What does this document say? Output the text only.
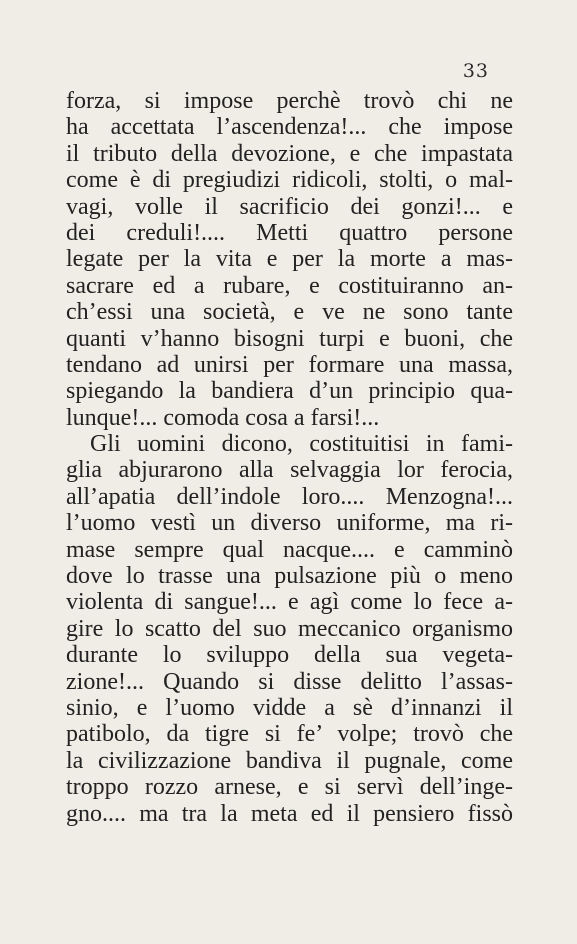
33
forza, si impose perchè trovò chi ne
ha accettata l’ascendenza!... che impose
il tributo della devozione, e che impastata
come è di pregiudizi ridicoli, stolti, o mal-
vagi, volle il sacrificio dei gonzi!... e
dei creduli!.... Metti quattro persone
legate per la vita e per la morte a mas-
sacrare ed a rubare, e costituiranno an-
ch’essi una società, e ve ne sono tante
quanti v’hanno bisogni turpi e buoni, che
tendano ad unirsi per formare una massa,
spiegando la bandiera d’un principio qua-
lunque!... comoda cosa a farsi!...
Gli uomini dicono, costituitisi in fami-
glia abjurarono alla selvaggia lor ferocia,
all’apatia dell’indole loro.... Menzogna!...
l’uomo vestì un diverso uniforme, ma ri-
mase sempre qual nacque.... e camminò
dove lo trasse una pulsazione più o meno
violenta di sangue!... e agì come lo fece a-
gire lo scatto del suo meccanico organismo
durante lo sviluppo della sua vegeta-
zione!... Quando si disse delitto l’assas-
sinio, e l’uomo vidde a sè d’innanzi il
patibolo, da tigre si fe’ volpe; trovò che
la civilizzazione bandiva il pugnale, come
troppo rozzo arnese, e si servì dell’inge-
gno.... ma tra la meta ed il pensiero fissò
